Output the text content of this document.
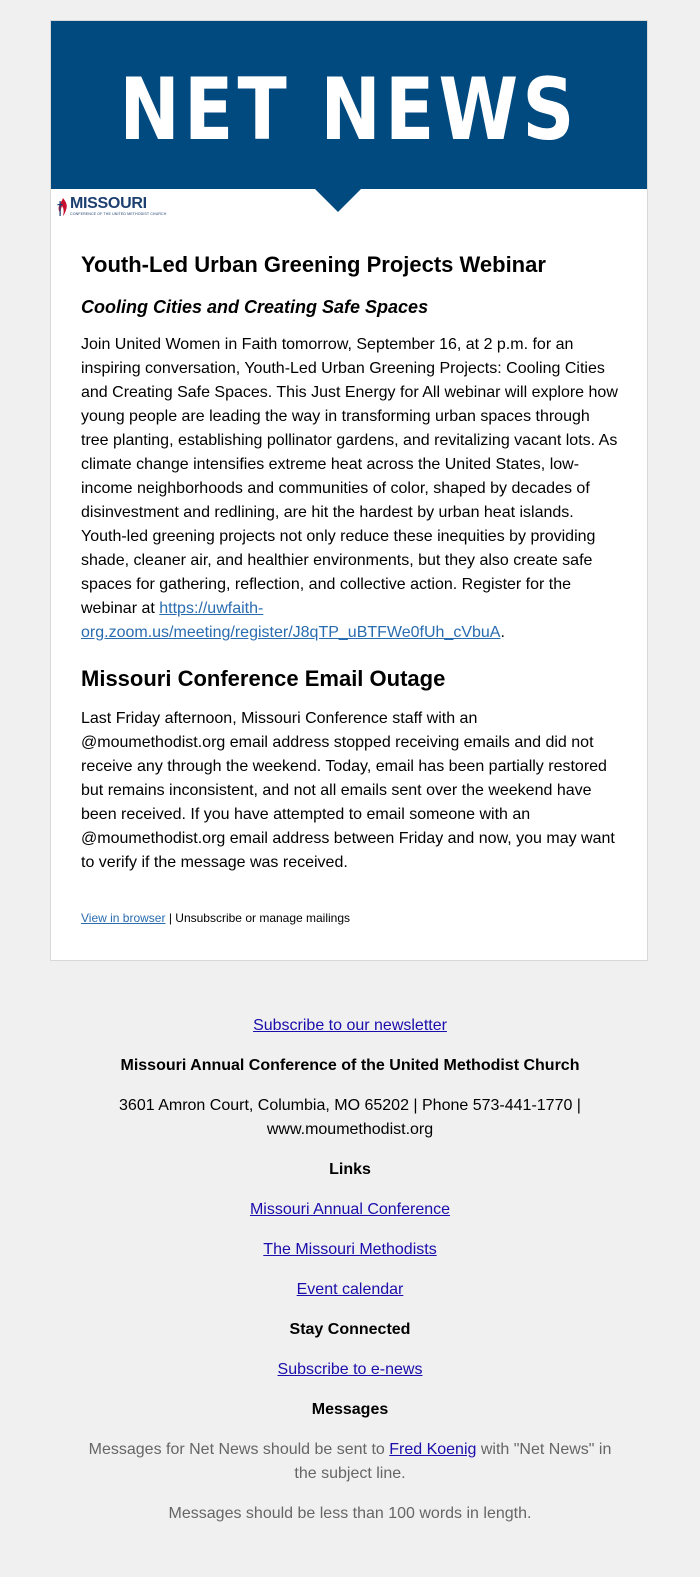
NET NEWS
MISSOURI
CONFERENCE OF THE UNITED METHODIST CHURCH
Youth-Led Urban Greening Projects Webinar
Cooling Cities and Creating Safe Spaces

Join United Women in Faith tomorrow, September 16, at 2 p.m. for an inspiring conversation, Youth-Led Urban Greening Projects: Cooling Cities and Creating Safe Spaces. This Just Energy for All webinar will explore how young people are leading the way in transforming urban spaces through tree planting, establishing pollinator gardens, and revitalizing vacant lots. As climate change intensifies extreme heat across the United States, low-income neighborhoods and communities of color, shaped by decades of disinvestment and redlining, are hit the hardest by urban heat islands. Youth-led greening projects not only reduce these inequities by providing shade, cleaner air, and healthier environments, but they also create safe spaces for gathering, reflection, and collective action. Register for the webinar at https://uwfaith-org.zoom.us/meeting/register/J8qTP_uBTFWe0fUh_cVbuA.

Missouri Conference Email Outage

Last Friday afternoon, Missouri Conference staff with an @moumethodist.org email address stopped receiving emails and did not receive any through the weekend. Today, email has been partially restored but remains inconsistent, and not all emails sent over the weekend have been received. If you have attempted to email someone with an @moumethodist.org email address between Friday and now, you may want to verify if the message was received.

View in browser | Unsubscribe or manage mailings

Subscribe to our newsletter

Missouri Annual Conference of the United Methodist Church

3601 Amron Court, Columbia, MO 65202 | Phone 573-441-1770 |

www.moumethodist.org

Links

Missouri Annual Conference

The Missouri Methodists

Event calendar

Stay Connected

Subscribe to e-news

Messages

Messages for Net News should be sent to Fred Koenig with "Net News" in

the subject line.

Messages should be less than 100 words in length.
